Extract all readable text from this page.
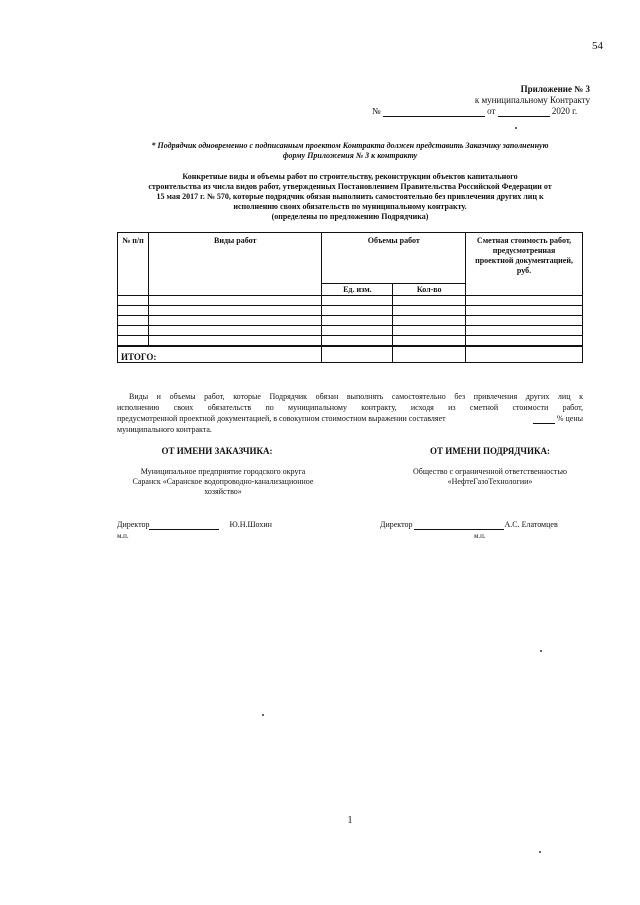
54
Приложение № 3
к муниципальному Контракту
№	от	2020 г.
* Подрядчик одновременно с подписанным проектом Контракта должен представить Заказчику заполненную
форму Приложения № 3 к контракту
Конкретные виды и объемы работ по строительству, реконструкции объектов капитального
строительства из числа видов работ, утвержденных Постановлением Правительства Российской Федерации от
15 мая 2017 г. № 570, которые подрядчик обязан выполнить самостоятельно без привлечения других лиц к
исполнению своих обязательств по муниципальному контракту.
(определены по предложению Подрядчика)
№ п/п	Виды работ	Объемы работ		Сметная стоимость работ, предусмотренная проектной документацией, руб.
		Ед. изм.	Кол-во	

ИТОГО:				
Виды и объемы работ, которые Подрядчик обязан выполнять самостоятельно без привлечения других лиц к
исполнению своих обязательств по муниципальному контракту, исходя из сметной стоимости работ,
предусмотренной проектной документацией, в совокупном стоимостном выражении составляет	% цены
муниципального контракта.
ОТ ИМЕНИ ЗАКАЗЧИКА:
Муниципальное предприятие городского округа
Саранск «Саранское водопроводно-канализационное
хозяйство»
Директор	Ю.Н.Шохин
м.п.
ОТ ИМЕНИ ПОДРЯДЧИКА:
Общество с ограниченной ответственностью
«НефтеГазоТехнологии»
Директор	А.С. Елатомцев
м.п.
1
